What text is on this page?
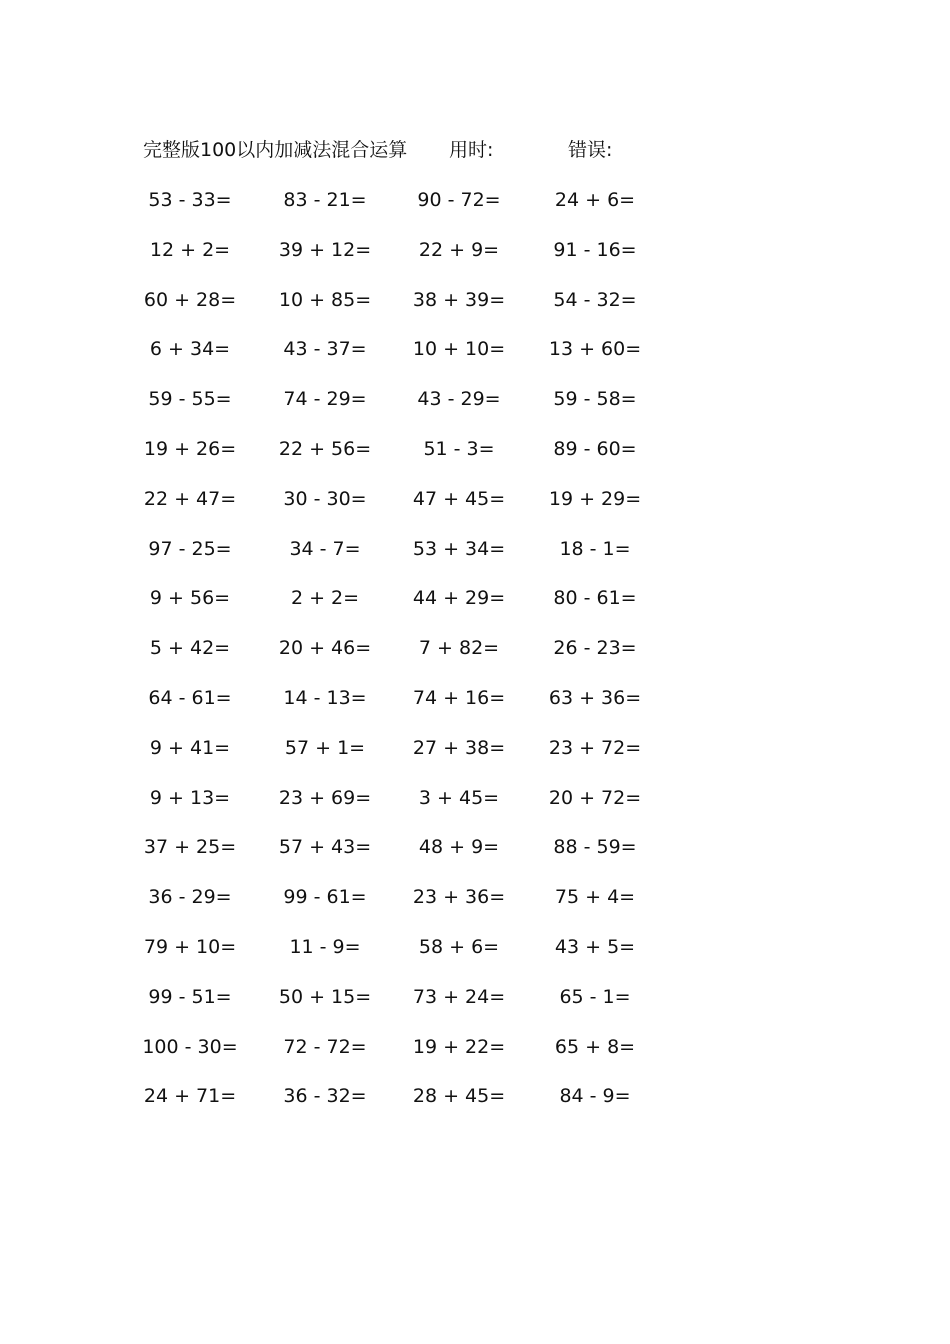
完整版100以内加减法混合运算 用时:	错误:
53 - 33=	83 - 21=	90 - 72=	24 + 6=
12 + 2=	39 + 12=	22 + 9=	91 - 16=
60 + 28=	10 + 85=	38 + 39=	54 - 32=
6 + 34=	43 - 37=	10 + 10=	13 + 60=
59 - 55=	74 - 29=	43 - 29=	59 - 58=
19 + 26=	22 + 56=	51 - 3=	89 - 60=
22 + 47=	30 - 30=	47 + 45=	19 + 29=
97 - 25=	34 - 7=	53 + 34=	18 - 1=
9 + 56=	2 + 2=	44 + 29=	80 - 61=
5 + 42=	20 + 46=	7 + 82=	26 - 23=
64 - 61=	14 - 13=	74 + 16=	63 + 36=
9 + 41=	57 + 1=	27 + 38=	23 + 72=
9 + 13=	23 + 69=	3 + 45=	20 + 72=
37 + 25=	57 + 43=	48 + 9=	88 - 59=
36 - 29=	99 - 61=	23 + 36=	75 + 4=
79 + 10=	11 - 9=	58 + 6=	43 + 5=
99 - 51=	50 + 15=	73 + 24=	65 - 1=
100 - 30=	72 - 72=	19 + 22=	65 + 8=
24 + 71=	36 - 32=	28 + 45=	84 - 9=
